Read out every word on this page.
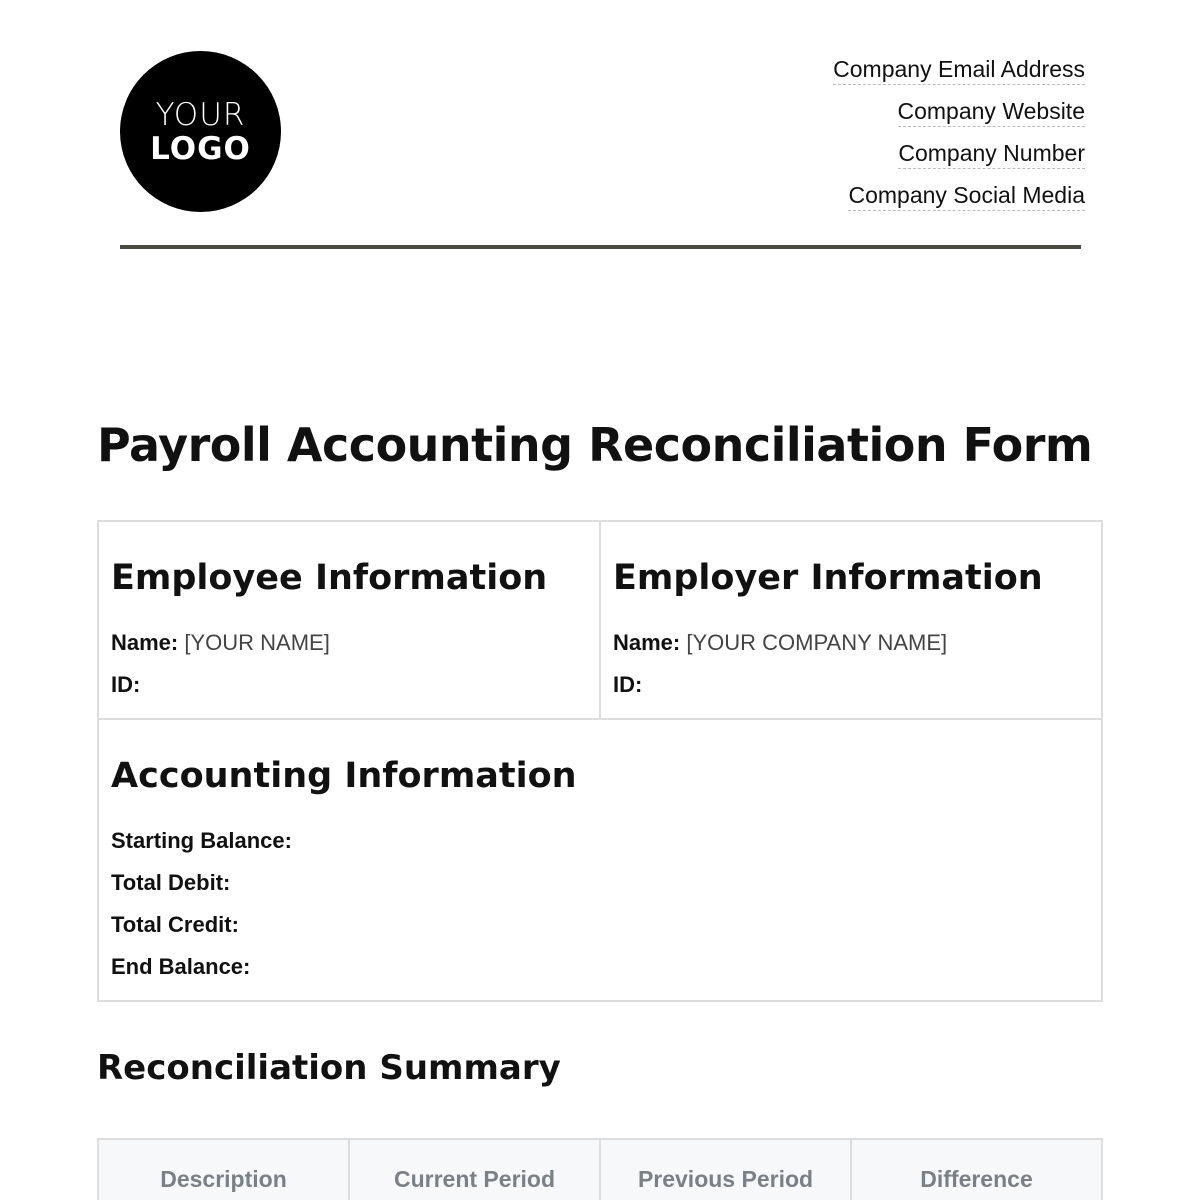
YOUR
LOGO
Company Email Address
Company Website
Company Number
Company Social Media
Payroll Accounting Reconciliation Form
Employee Information
Name: [YOUR NAME]
ID:
Employer Information
Name: [YOUR COMPANY NAME]
ID:
Accounting Information
Starting Balance:
Total Debit:
Total Credit:
End Balance:
Reconciliation Summary
Description	Current Period	Previous Period	Difference
